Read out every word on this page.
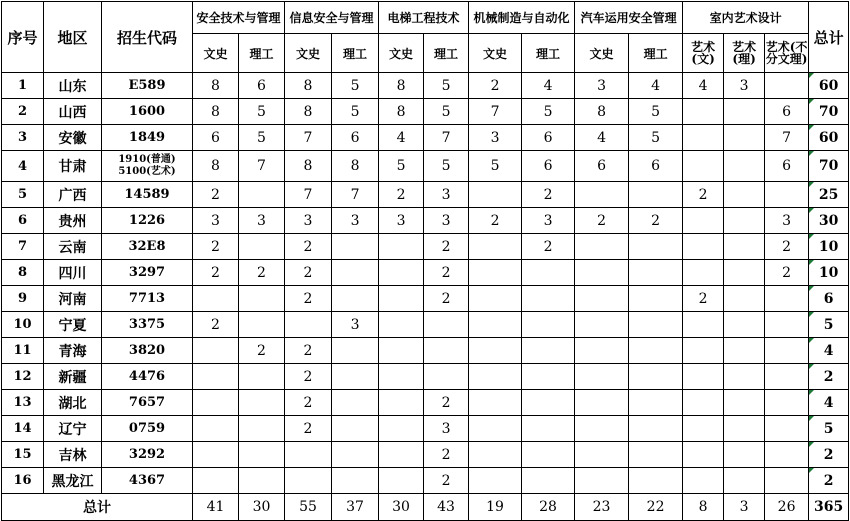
序号	地区	招生代码	安全技术与管理		信息安全与管理		电梯工程技术		机械制造与自动化		汽车运用安全管理		室内艺术设计			总计
			文史	理工	文史	理工	文史	理工	文史	理工	文史	理工	艺术(文)	艺术(理)	艺术(不分文理)	
1	山东	E589	8	6	8	5	8	5	2	4	3	4	4	3		60
2	山西	1600	8	5	8	5	8	5	7	5	8	5			6	70
3	安徽	1849	6	5	7	6	4	7	3	6	4	5			7	60
4	甘肃	1910(普通) 5100(艺术)	8	7	8	8	5	5	5	6	6	6			6	70
5	广西	14589	2		7	7	2	3		2			2			25
6	贵州	1226	3	3	3	3	3	3	2	3	2	2			3	30
7	云南	32E8	2		2			2		2					2	10
8	四川	3297	2	2	2			2							2	10
9	河南	7713			2			2					2			6
10	宁夏	3375	2			3										5
11	青海	3820		2	2											4
12	新疆	4476			2											2
13	湖北	7657			2			2								4
14	辽宁	0759			2			3								5
15	吉林	3292						2								2
16	黑龙江	4367						2								2
总计			41	30	55	37	30	43	19	28	23	22	8	3	26	365
